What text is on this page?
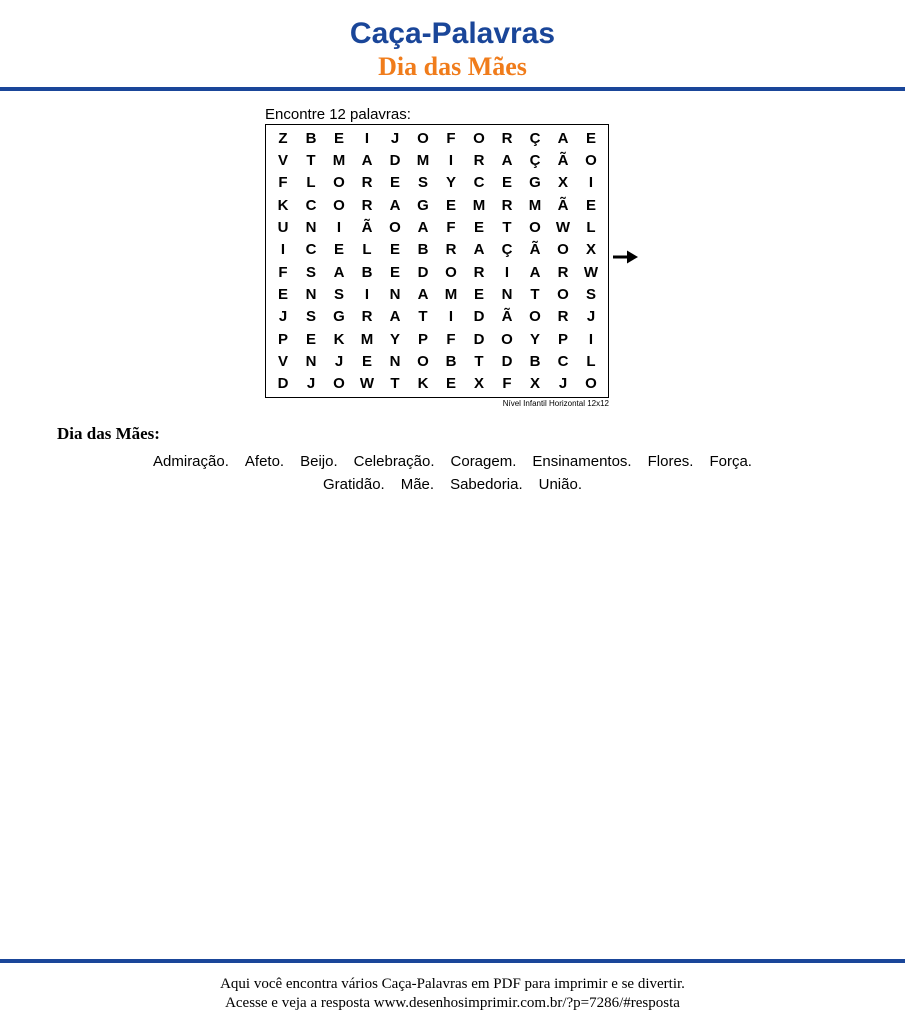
Caça-Palavras
Dia das Mães
Encontre 12 palavras:
Z	B	E	I	J	O	F	O	R	Ç	A	E
V	T	M	A	D	M	I	R	A	Ç	Ã	O
F	L	O	R	E	S	Y	C	E	G	X	I
K	C	O	R	A	G	E	M	R	M	Ã	E
U	N	I	Ã	O	A	F	E	T	O	W	L
I	C	E	L	E	B	R	A	Ç	Ã	O	X
F	S	A	B	E	D	O	R	I	A	R	W
E	N	S	I	N	A	M	E	N	T	O	S
J	S	G	R	A	T	I	D	Ã	O	R	J
P	E	K	M	Y	P	F	D	O	Y	P	I
V	N	J	E	N	O	B	T	D	B	C	L
D	J	O	W	T	K	E	X	F	X	J	O
Nível Infantil Horizontal 12x12
Dia das Mães:
Admiração. Afeto. Beijo. Celebração. Coragem. Ensinamentos. Flores. Força.
Gratidão. Mãe. Sabedoria. União.

Aqui você encontra vários Caça-Palavras em PDF para imprimir e se divertir.

Acesse e veja a resposta www.desenhosimprimir.com.br/?p=7286/#resposta
